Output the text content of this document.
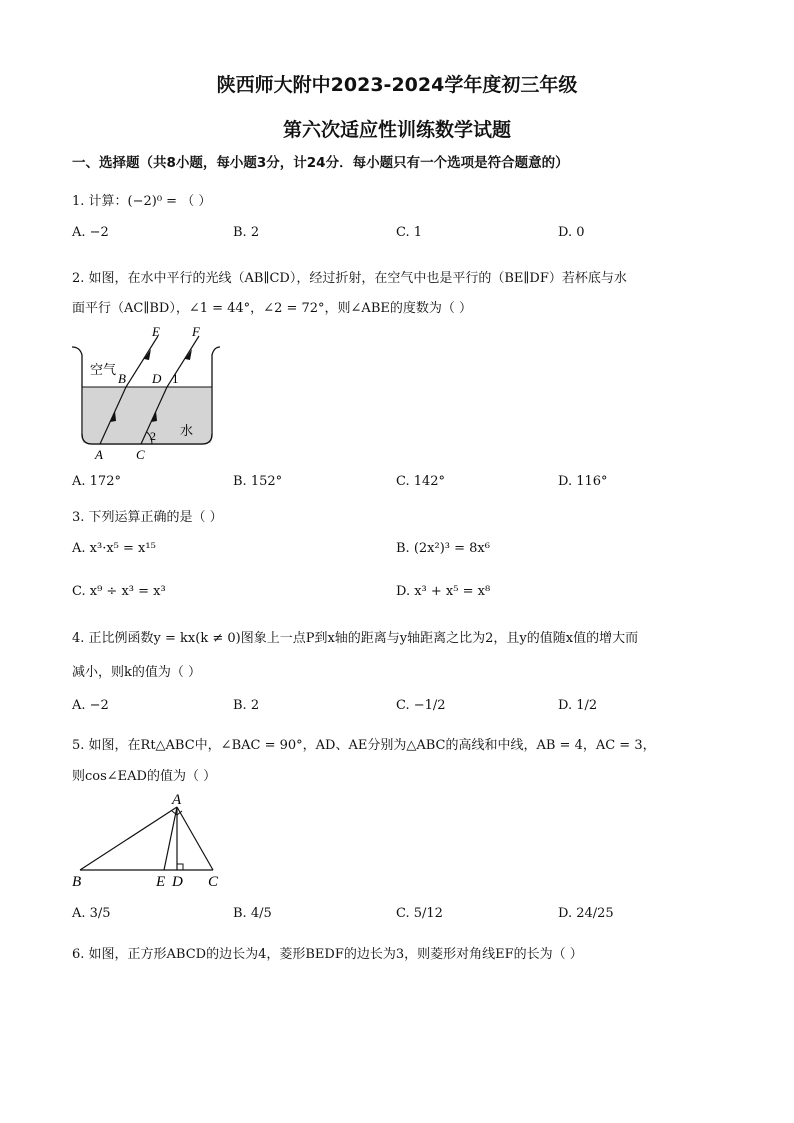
陕西师大附中2023-2024学年度初三年级
第六次适应性训练数学试题
一、选择题（共8小题，每小题3分，计24分．每小题只有一个选项是符合题意的）
1. 计算：(−2)⁰ = （ ）
A. −2	B. 2	C. 1	D. 0
2. 如图，在水中平行的光线（AB∥CD），经过折射，在空气中也是平行的（BE∥DF）若杯底与水
面平行（AC∥BD），∠1 = 44°，∠2 = 72°，则∠ABE的度数为（ ）
E F
B D 1
2
空气
水
A	C
A. 172°	B. 152°	C. 142°	D. 116°
3. 下列运算正确的是（ ）
A. x³·x⁵ = x¹⁵	B. (2x²)³ = 8x⁶
C. x⁹ ÷ x³ = x³	D. x³ + x⁵ = x⁸
4. 正比例函数y = kx(k ≠ 0)图象上一点P到x轴的距离与y轴距离之比为2，且y的值随x值的增大而
减小，则k的值为（ ）
A. −2	B. 2	C. −1/2	D. 1/2
5. 如图，在Rt△ABC中，∠BAC = 90°，AD、AE分别为△ABC的高线和中线，AB = 4，AC = 3，
则cos∠EAD的值为（ ）
A
B	E D C
A. 3/5	B. 4/5	C. 5/12	D. 24/25
6. 如图，正方形ABCD的边长为4，菱形BEDF的边长为3，则菱形对角线EF的长为（ ）
